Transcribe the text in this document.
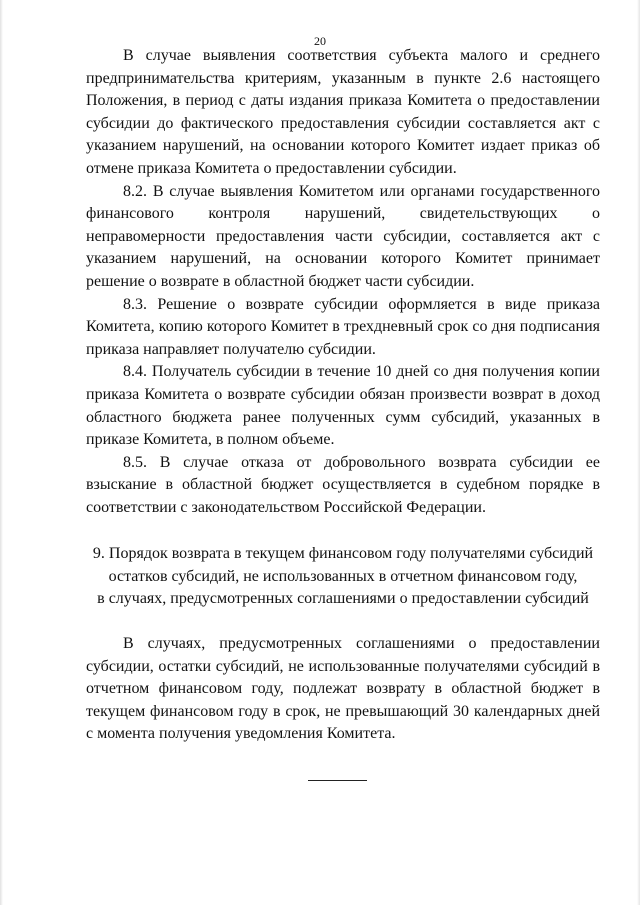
20

В случае выявления соответствия субъекта малого и среднего предпринимательства критериям, указанным в пункте 2.6 настоящего Положения, в период с даты издания приказа Комитета о предоставлении субсидии до фактического предоставления субсидии составляется акт с указанием нарушений, на основании которого Комитет издает приказ об отмене приказа Комитета о предоставлении субсидии.

8.2. В случае выявления Комитетом или органами государственного финансового контроля нарушений, свидетельствующих о неправомерности предоставления части субсидии, составляется акт с указанием нарушений, на основании которого Комитет принимает решение о возврате в областной бюджет части субсидии.

8.3. Решение о возврате субсидии оформляется в виде приказа Комитета, копию которого Комитет в трехдневный срок со дня подписания приказа направляет получателю субсидии.

8.4. Получатель субсидии в течение 10 дней со дня получения копии приказа Комитета о возврате субсидии обязан произвести возврат в доход областного бюджета ранее полученных сумм субсидий, указанных в приказе Комитета, в полном объеме.

8.5. В случае отказа от добровольного возврата субсидии ее взыскание в областной бюджет осуществляется в судебном порядке в соответствии с законодательством Российской Федерации.

9. Порядок возврата в текущем финансовом году получателями субсидий
остатков субсидий, не использованных в отчетном финансовом году,
в случаях, предусмотренных соглашениями о предоставлении субсидий

В случаях, предусмотренных соглашениями о предоставлении субсидии, остатки субсидий, не использованные получателями субсидий в отчетном финансовом году, подлежат возврату в областной бюджет в текущем финансовом году в срок, не превышающий 30 календарных дней с момента получения уведомления Комитета.
